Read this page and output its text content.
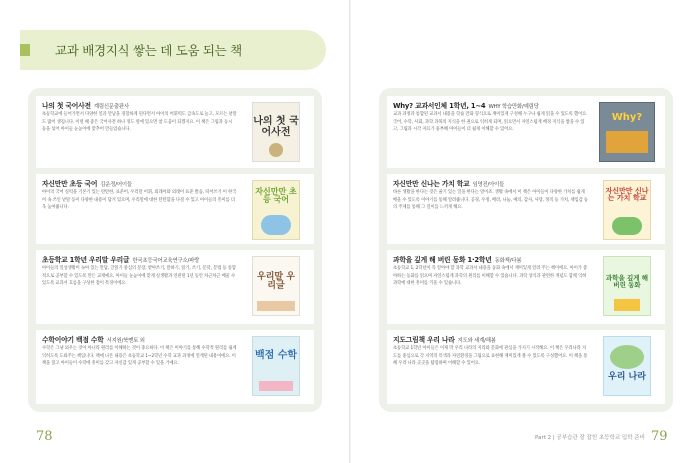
교과 배경지식 쌓는 데 도움 되는 책
나의 첫 국어사전 계림신문출판사
초등학교에 들어가면서 다양한 일과 만남을 경험하게 된다면서 아이의 어휘력도 급속도로 늘고, 모르는 낱말도 많이 생깁니다. 이럴 때 좋은 국어사전 하나 정도 옆에 있으면 참 도움이 되겠지요. 이 책은 그림과 동시 등을 섞어 아이들 눈높이에 맞추어 만들었습니다.
나의 첫 국어사전
자신만만 초등 국어 김운정/어이들
아이의 국어 실력을 기본기 있는 탄탄한, 표준어, 우리말 어휘, 외래어와 외래어 표준 발음, 띄어쓰기 이 한국어 속 쓰인 낱말 동이 다양한 내용이 담겨 있으며, 우리말에 대한 탄탄함을 다질 수 있고 아이들의 흥미를 더욱 높여줍니다.
자신만만 초등 국어
초등학교 1학년 우리말 우리글 한국초등국어교육연구소/파랑
아이들의 일상생활이 녹아 있는 만담, 글읽기 중심의 문장, 받아쓰기, 말하기, 읽기, 쓰기, 문학, 문법 등 통합적으로 공부할 수 있도록 만든 교재예요. 아이들 눈높이에 맞게 실생활과 연관된 1년 동안 차근차근 배울 수 있도록 교과서 흐름을 구성한 점이 특징이에요.
우리말 우리글
수학이야기 백점 수학 서지원/북멘토 외
수학은 그냥 외우는 것이 아니라 원리를 이해하는 것이 중요하다. 이 책은 이야기를 통해 수학적 원리를 쉽게 익히도록 도와주는 책입니다. 책에 나온 내용은 초등학교 1~2학년 수학 교과 과정에 연계된 내용이에요. 이 책을 읽고 아이들이 수학에 흥미를 갖고 자신감 있게 공부할 수 있을 거예요.
백점 수학
Why? 교과서인체 1학년, 1~4 WHY 학습만화/예림당
교과 과정과 통합된 교과서 내용을 학습 만화 형식으로 재미있게 구성해 누구나 쉽게 읽을 수 있도록 했어요. 국어, 수학, 사회, 과학 과목의 지식을 한 권으로 익히게 되며, 읽으면서 자연스럽게 배경 지식을 쌓을 수 있고, 그림과 시각 자료가 풍부해 아이들이 더 쉽게 이해할 수 있어요.
Why?
자신만만 신나는 가치 학교 임영진/아이들
바른 생활을 한다는 것은 줄기 있는 일을 한다는 말이죠. 생활 속에서 이 책은 아이들이 다양한 가치를 쉽게 배울 수 있도록 이야기를 통해 알려줍니다. 공경, 우정, 배려, 나눔, 예의, 감사, 사랑, 정직 등 가치, 책임감 등의 주제를 통해 그 깊이를 느끼게 해요.
자신만만 신나는 가치 학교
과학을 깊게 해 버린 동화 1·2학년 동화책/다봄
초등학교 1, 2학년이 꼭 알아야 할 과학 교과서 내용을 동화 속에서 재미있게 알려 주는 책이에요. 아이가 좋아하는 동화를 읽으며 자연스럽게 과학의 원리를 이해할 수 있습니다. 과학 상식과 관련한 개념도 함께 익혀 과학에 대한 흥미를 키울 수 있습니다.
과학을 깊게 해 버린 동화
지도그림책 우리 나라 지도와 세계/해봄
초등학교 1학년 아이들은 이제 막 우리 나라의 지리와 문화에 관심을 가지기 시작해요. 이 책은 우리나라 지도를 중심으로 각 지역의 특색과 자연환경을 그림으로 표현해 재미있게 볼 수 있도록 구성했어요. 이 책을 통해 우리 나라 곳곳을 탐험하며 이해할 수 있어요.
우리 나라
78	Part 2 | 공부습관 잘 잡힌 초등학교 입학 준비 79
